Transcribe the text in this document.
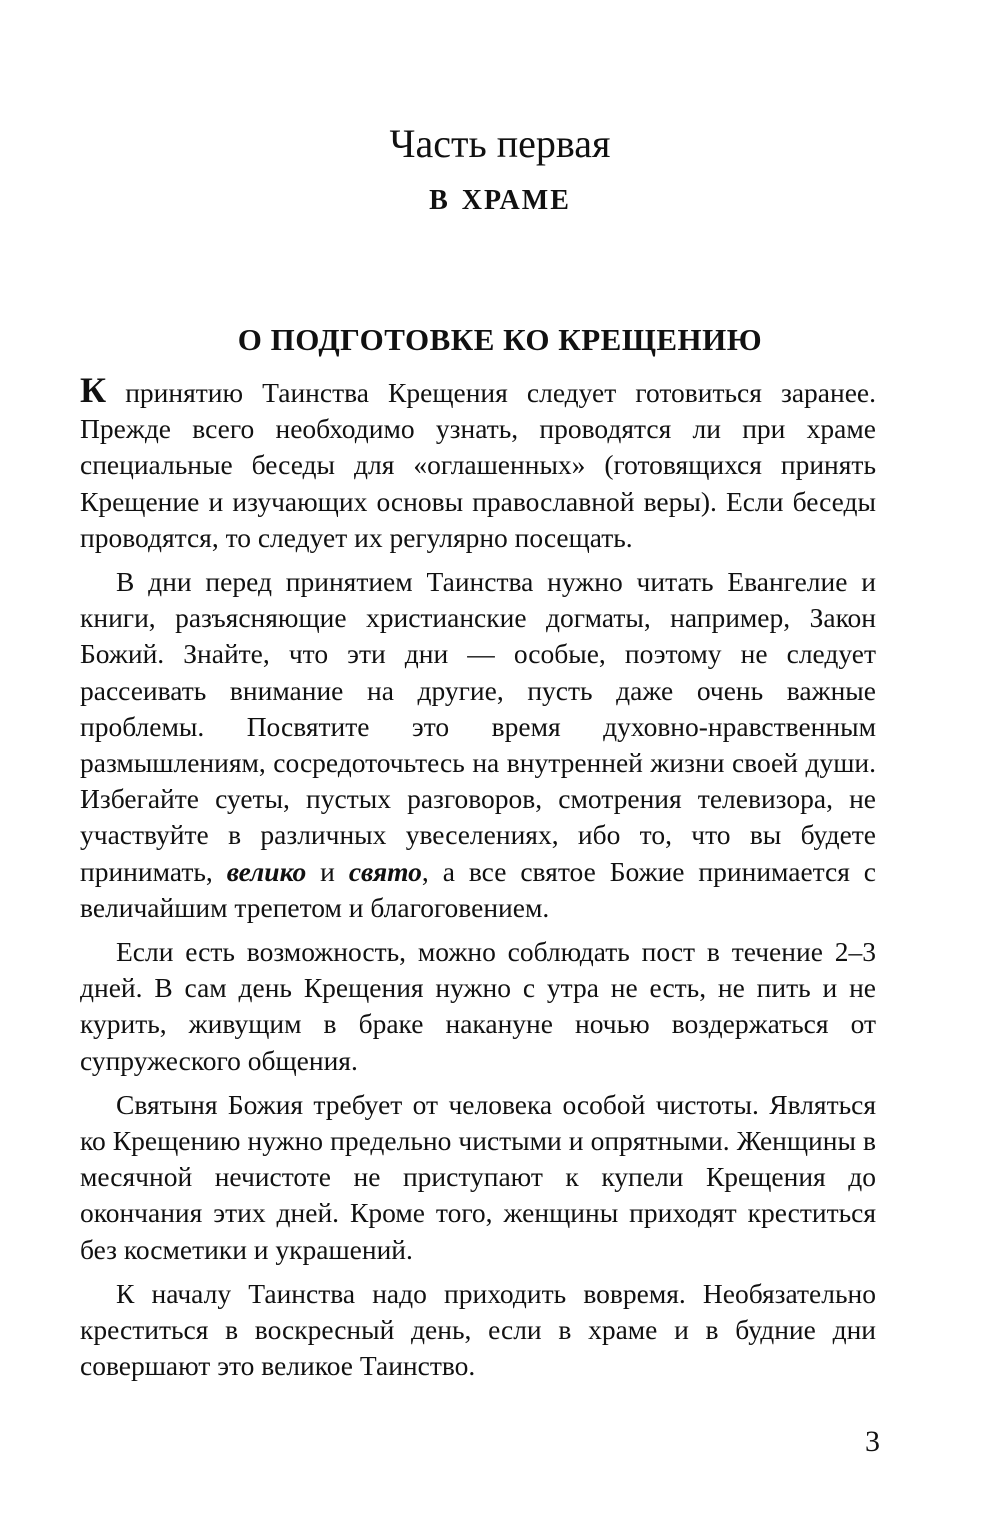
Часть первая
в храме
О ПОДГОТОВКЕ КО КРЕЩЕНИЮ

К принятию Таинства Крещения следует готовиться заранее. Прежде всего необходимо узнать, проводятся ли при храме специальные беседы для «оглашенных» (готовящихся принять Крещение и изучающих основы православной веры). Если беседы проводятся, то следует их регулярно посещать.

В дни перед принятием Таинства нужно читать Евангелие и книги, разъясняющие христианские догматы, например, Закон Божий. Знайте, что эти дни — особые, поэтому не следует рассеивать внимание на другие, пусть даже очень важные проблемы. Посвятите это время духовно-нравственным размышлениям, сосредоточьтесь на внутренней жизни своей души. Избегайте суеты, пустых разговоров, смотрения телевизора, не участвуйте в различных увеселениях, ибо то, что вы будете принимать, велико и свято, а все святое Божие принимается с величайшим трепетом и благоговением.

Если есть возможность, можно соблюдать пост в течение 2–3 дней. В сам день Крещения нужно с утра не есть, не пить и не курить, живущим в браке накануне ночью воздержаться от супружеского общения.

Святыня Божия требует от человека особой чистоты. Являться ко Крещению нужно предельно чистыми и опрятными. Женщины в месячной нечистоте не приступают к купели Крещения до окончания этих дней. Кроме того, женщины приходят креститься без косметики и украшений.

К началу Таинства надо приходить вовремя. Необязательно креститься в воскресный день, если в храме и в будние дни совершают это великое Таинство.

3
